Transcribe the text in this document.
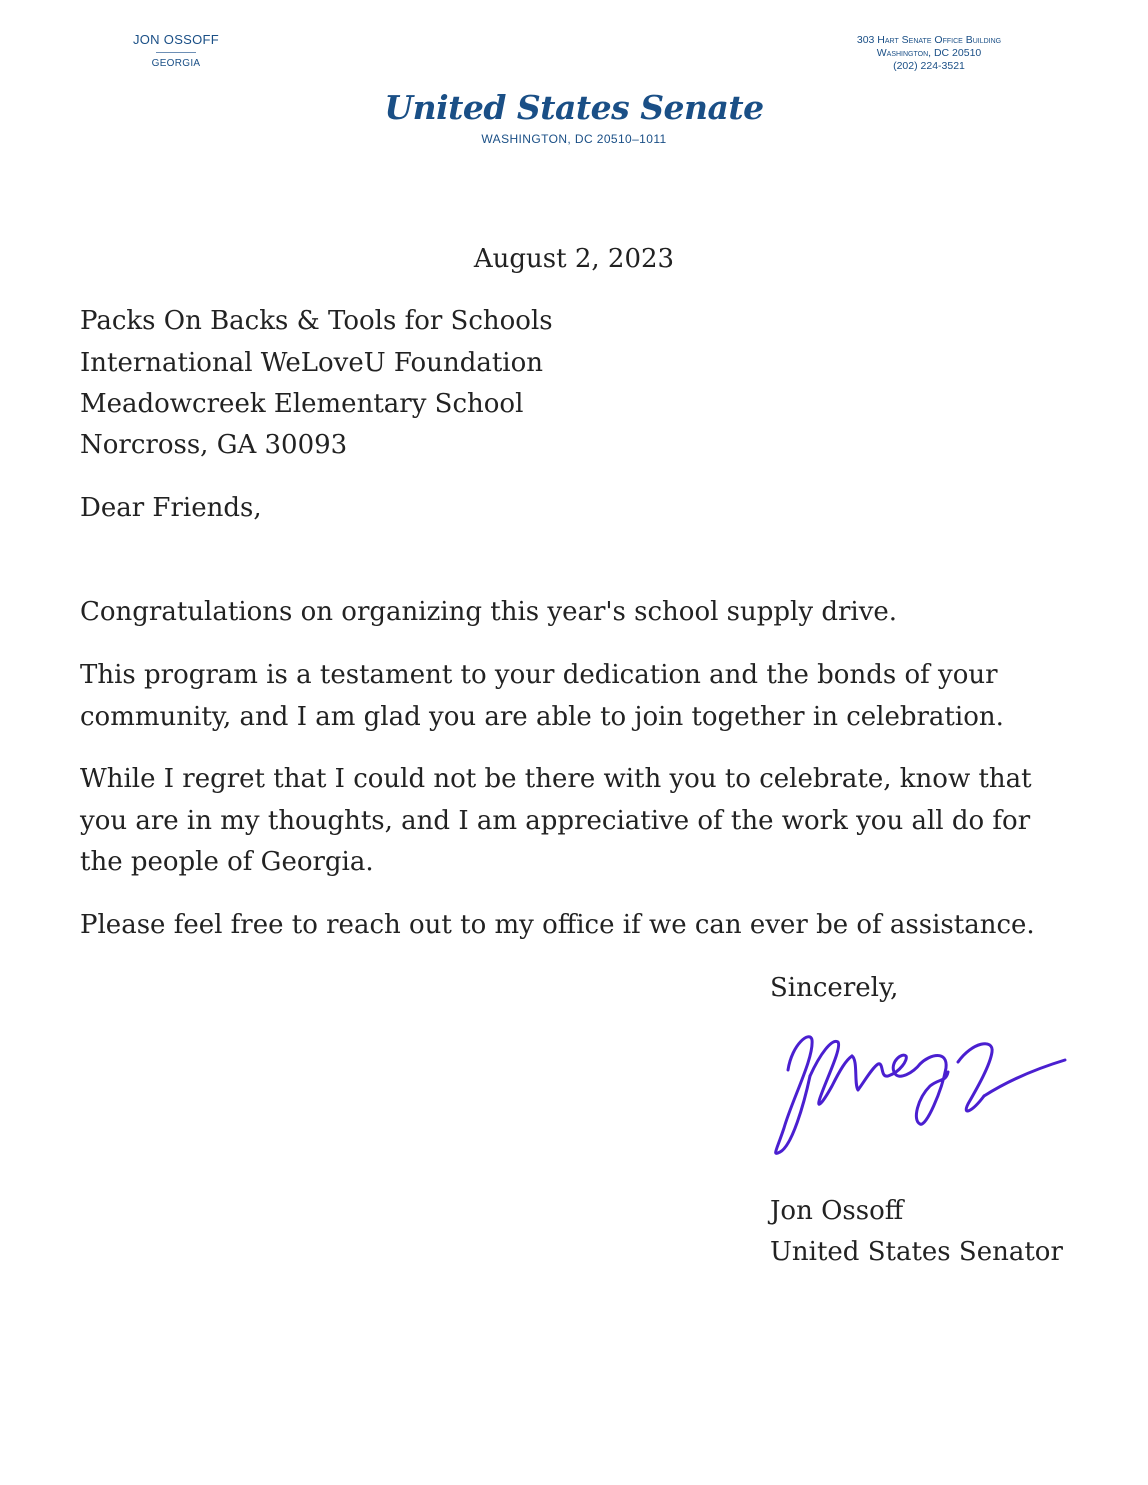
JON OSSOFF
GEORGIA
303 Hart Senate Office Building
Washington, DC 20510
(202) 224-3521
United States Senate
WASHINGTON, DC 20510–1011

August 2, 2023

Packs On Backs & Tools for Schools

International WeLoveU Foundation

Meadowcreek Elementary School

Norcross, GA 30093

Dear Friends,

Congratulations on organizing this year's school supply drive.

This program is a testament to your dedication and the bonds of your community, and I am glad you are able to join together in celebration.

While I regret that I could not be there with you to celebrate, know that you are in my thoughts, and I am appreciative of the work you all do for the people of Georgia.

Please feel free to reach out to my office if we can ever be of assistance.

Sincerely,

Jon Ossoff

United States Senator
